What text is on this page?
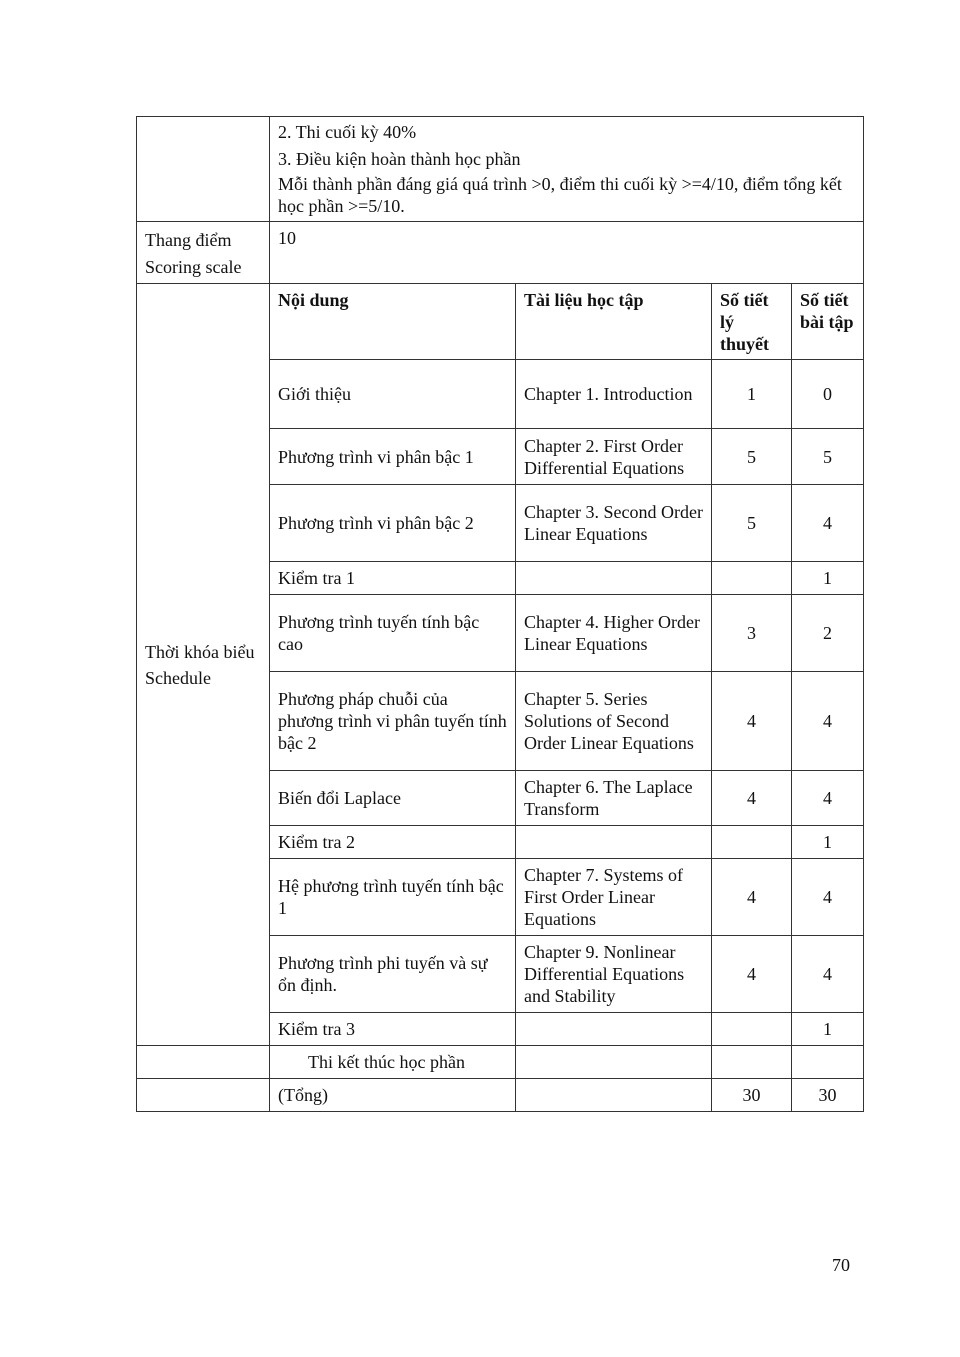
	2. Thi cuối kỳ 40%
3. Điều kiện hoàn thành học phần
Mỗi thành phần đáng giá quá trình >0, điểm thi cuối kỳ >=4/10, điểm tổng kết học phần >=5/10.			

Thang điểm
Scoring scale	10			

Thời khóa biểu
Schedule	Nội dung	Tài liệu học tập	Số tiết lý thuyết	Số tiết bài tập
	Giới thiệu	Chapter 1. Introduction	1	0
	Phương trình vi phân bậc 1	Chapter 2. First Order Differential Equations	5	5
	Phương trình vi phân bậc 2	Chapter 3. Second Order Linear Equations	5	4
	Kiểm tra 1			1
	Phương trình tuyến tính bậc cao	Chapter 4. Higher Order Linear Equations	3	2
	Phương pháp chuỗi của phương trình vi phân tuyến tính bậc 2	Chapter 5. Series Solutions of Second Order Linear Equations	4	4
	Biến đổi Laplace	Chapter 6. The Laplace Transform	4	4
	Kiểm tra 2			1
	Hệ phương trình tuyến tính bậc 1	Chapter 7. Systems of First Order Linear Equations	4	4
	Phương trình phi tuyến và sự ổn định.	Chapter 9. Nonlinear Differential Equations and Stability	4	4
	Kiểm tra 3			1
	Thi kết thúc học phần			
	(Tổng)		30	30
70
